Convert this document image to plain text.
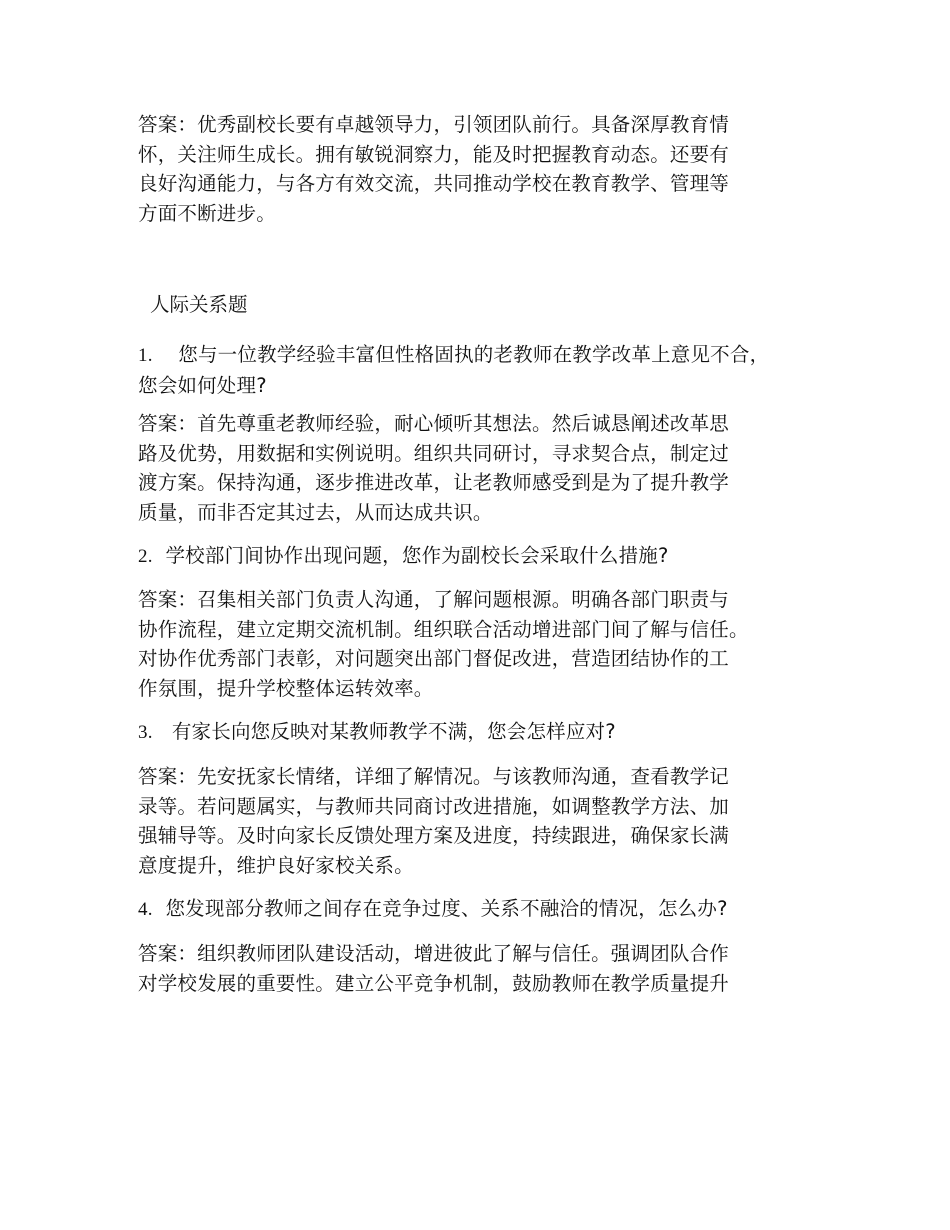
答案：优秀副校长要有卓越领导力，引领团队前行。具备深厚教育情
怀，关注师生成长。拥有敏锐洞察力，能及时把握教育动态。还要有
良好沟通能力，与各方有效交流，共同推动学校在教育教学、管理等
方面不断进步。

人际关系题

1. 您与一位教学经验丰富但性格固执的老教师在教学改革上意见不合，
您会如何处理?

答案：首先尊重老教师经验，耐心倾听其想法。然后诚恳阐述改革思
路及优势，用数据和实例说明。组织共同研讨，寻求契合点，制定过
渡方案。保持沟通，逐步推进改革，让老教师感受到是为了提升教学
质量，而非否定其过去，从而达成共识。

2. 学校部门间协作出现问题，您作为副校长会采取什么措施?

答案：召集相关部门负责人沟通，了解问题根源。明确各部门职责与
协作流程，建立定期交流机制。组织联合活动增进部门间了解与信任。
对协作优秀部门表彰，对问题突出部门督促改进，营造团结协作的工
作氛围，提升学校整体运转效率。

3. 有家长向您反映对某教师教学不满，您会怎样应对?

答案：先安抚家长情绪，详细了解情况。与该教师沟通，查看教学记
录等。若问题属实，与教师共同商讨改进措施，如调整教学方法、加
强辅导等。及时向家长反馈处理方案及进度，持续跟进，确保家长满
意度提升，维护良好家校关系。

4. 您发现部分教师之间存在竞争过度、关系不融洽的情况，怎么办?

答案：组织教师团队建设活动，增进彼此了解与信任。强调团队合作
对学校发展的重要性。建立公平竞争机制，鼓励教师在教学质量提升
